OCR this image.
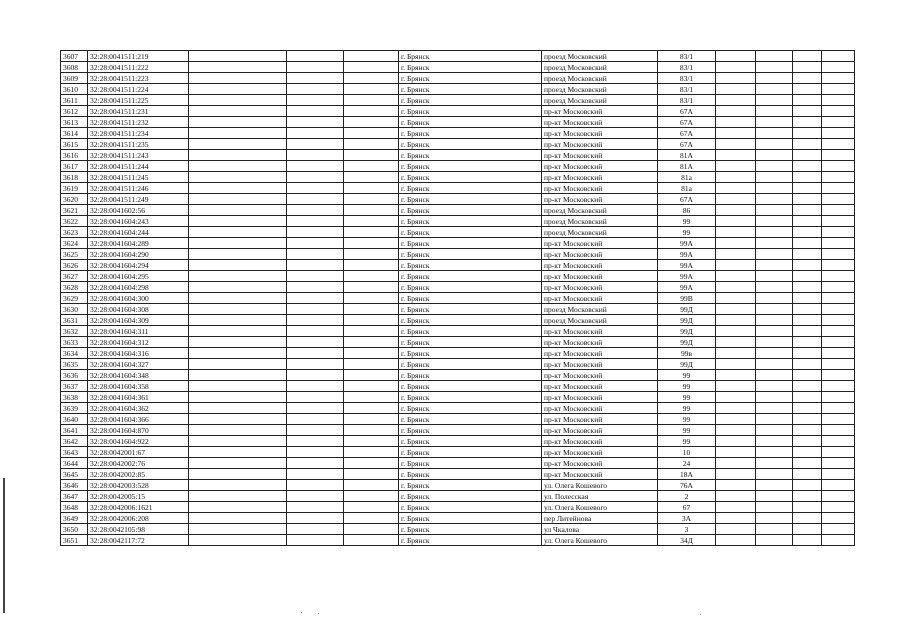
3607	32:28:0041511:219				г. Брянск	проезд Московский	83/1				
3608	32:28:0041511:222				г. Брянск	проезд Московский	83/1				
3609	32:28:0041511:223				г. Брянск	проезд Московский	83/1				
3610	32:28:0041511:224				г. Брянск	проезд Московский	83/1				
3611	32:28:0041511:225				г. Брянск	проезд Московский	83/1				
3612	32:28:0041511:231				г. Брянск	пр-кт Московский	67А				
3613	32:28:0041511:232				г. Брянск	пр-кт Московский	67А				
3614	32:28:0041511:234				г. Брянск	пр-кт Московский	67А				
3615	32:28:0041511:235				г. Брянск	пр-кт Московский	67А				
3616	32:28:0041511:243				г. Брянск	пр-кт Московский	81А				
3617	32:28:0041511:244				г. Брянск	пр-кт Московский	81А				
3618	32:28:0041511:245				г. Брянск	пр-кт Московский	81а				
3619	32:28:0041511:246				г. Брянск	пр-кт Московский	81а				
3620	32:28:0041511:249				г. Брянск	пр-кт Московский	67А				
3621	32:28:0041602:56				г. Брянск	проезд Московский	86				
3622	32:28:0041604:243				г. Брянск	проезд Московский	99				
3623	32:28:0041604:244				г. Брянск	проезд Московский	99				
3624	32:28:0041604:289				г. Брянск	пр-кт Московский	99А				
3625	32:28:0041604:290				г. Брянск	пр-кт Московский	99А				
3626	32:28:0041604:294				г. Брянск	пр-кт Московский	99А				
3627	32:28:0041604:295				г. Брянск	пр-кт Московский	99А				
3628	32:28:0041604:298				г. Брянск	пр-кт Московский	99А				
3629	32:28:0041604:300				г. Брянск	пр-кт Московский	99В				
3630	32:28:0041604:308				г. Брянск	проезд Московский	99Д				
3631	32:28:0041604:309				г. Брянск	проезд Московский	99Д				
3632	32:28:0041604:311				г. Брянск	пр-кт Московский	99Д				
3633	32:28:0041604:312				г. Брянск	пр-кт Московский	99Д				
3634	32:28:0041604:316				г. Брянск	пр-кт Московский	99в				
3635	32:28:0041604:327				г. Брянск	пр-кт Московский	99Д				
3636	32:28:0041604:348				г. Брянск	пр-кт Московский	99				
3637	32:28:0041604:358				г. Брянск	пр-кт Московский	99				
3638	32:28:0041604:361				г. Брянск	пр-кт Московский	99				
3639	32:28:0041604:362				г. Брянск	пр-кт Московский	99				
3640	32:28:0041604:366				г. Брянск	пр-кт Московский	99				
3641	32:28:0041604:870				г. Брянск	пр-кт Московский	99				
3642	32:28:0041604:922				г. Брянск	пр-кт Московский	99				
3643	32:28:0042001:67				г. Брянск	пр-кт Московский	10				
3644	32:28:0042002:76				г. Брянск	пр-кт Московский	24				
3645	32:28:0042002:85				г. Брянск	пр-кт Московский	18А				
3646	32:28:0042003:528				г. Брянск	ул. Олега Кошевого	76А				
3647	32:28:0042005:15				г. Брянск	ул. Полесская	2				
3648	32:28:0042006:1621				г. Брянск	ул. Олега Кошевого	67				
3649	32:28:0042006:208				г. Брянск	пер Литейнова	3А				
3650	32:28:0042105:98				г. Брянск	ул Чкалова	3				
3651	32:28:0042117:72				г. Брянск	ул. Олега Кошевого	34Д				
